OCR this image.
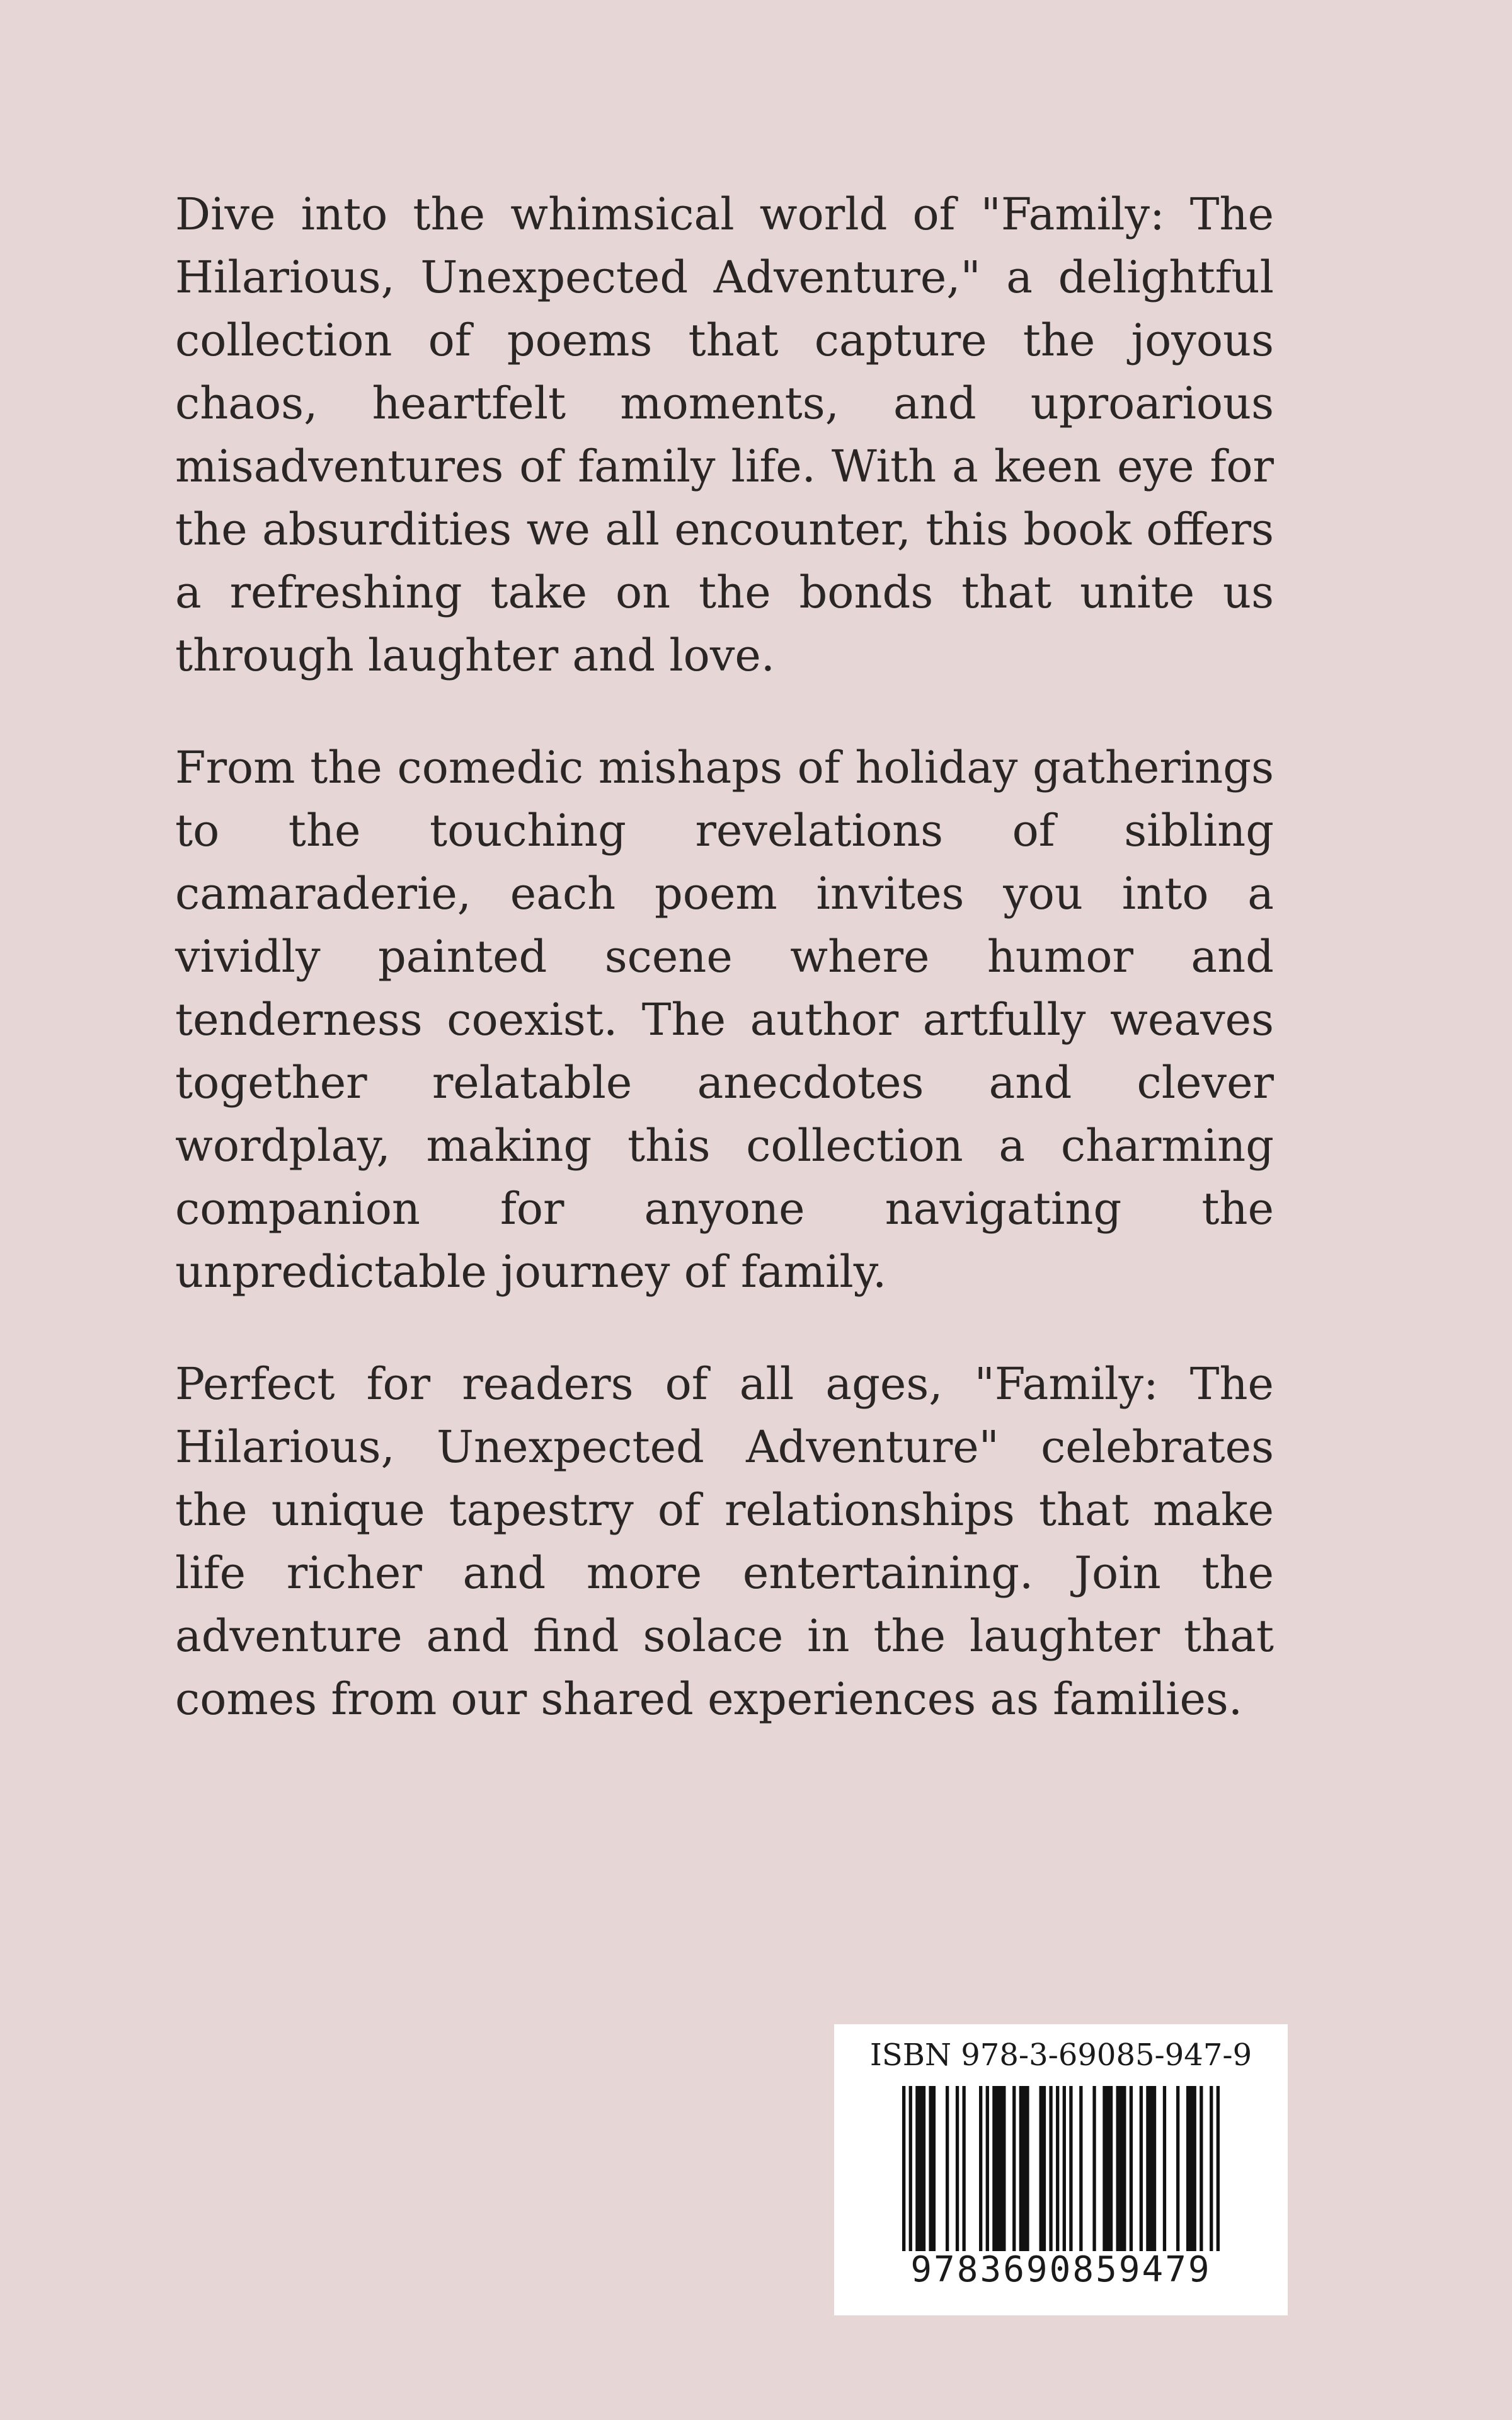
Dive into the whimsical world of "Family: The Hilarious, Unexpected Adventure," a delightful collection of poems that capture the joyous chaos, heartfelt moments, and uproarious misadventures of family life. With a keen eye for the absurdities we all encounter, this book offers a refreshing take on the bonds that unite us through laughter and love.

From the comedic mishaps of holiday gatherings to the touching revelations of sibling camaraderie, each poem invites you into a vividly painted scene where humor and tenderness coexist. The author artfully weaves together relatable anecdotes and clever wordplay, making this collection a charming companion for anyone navigating the unpredictable journey of family.

Perfect for readers of all ages, "Family: The Hilarious, Unexpected Adventure" celebrates the unique tapestry of relationships that make life richer and more entertaining. Join the adventure and find solace in the laughter that comes from our shared experiences as families.

ISBN 978-3-69085-947-9
9783690859479
